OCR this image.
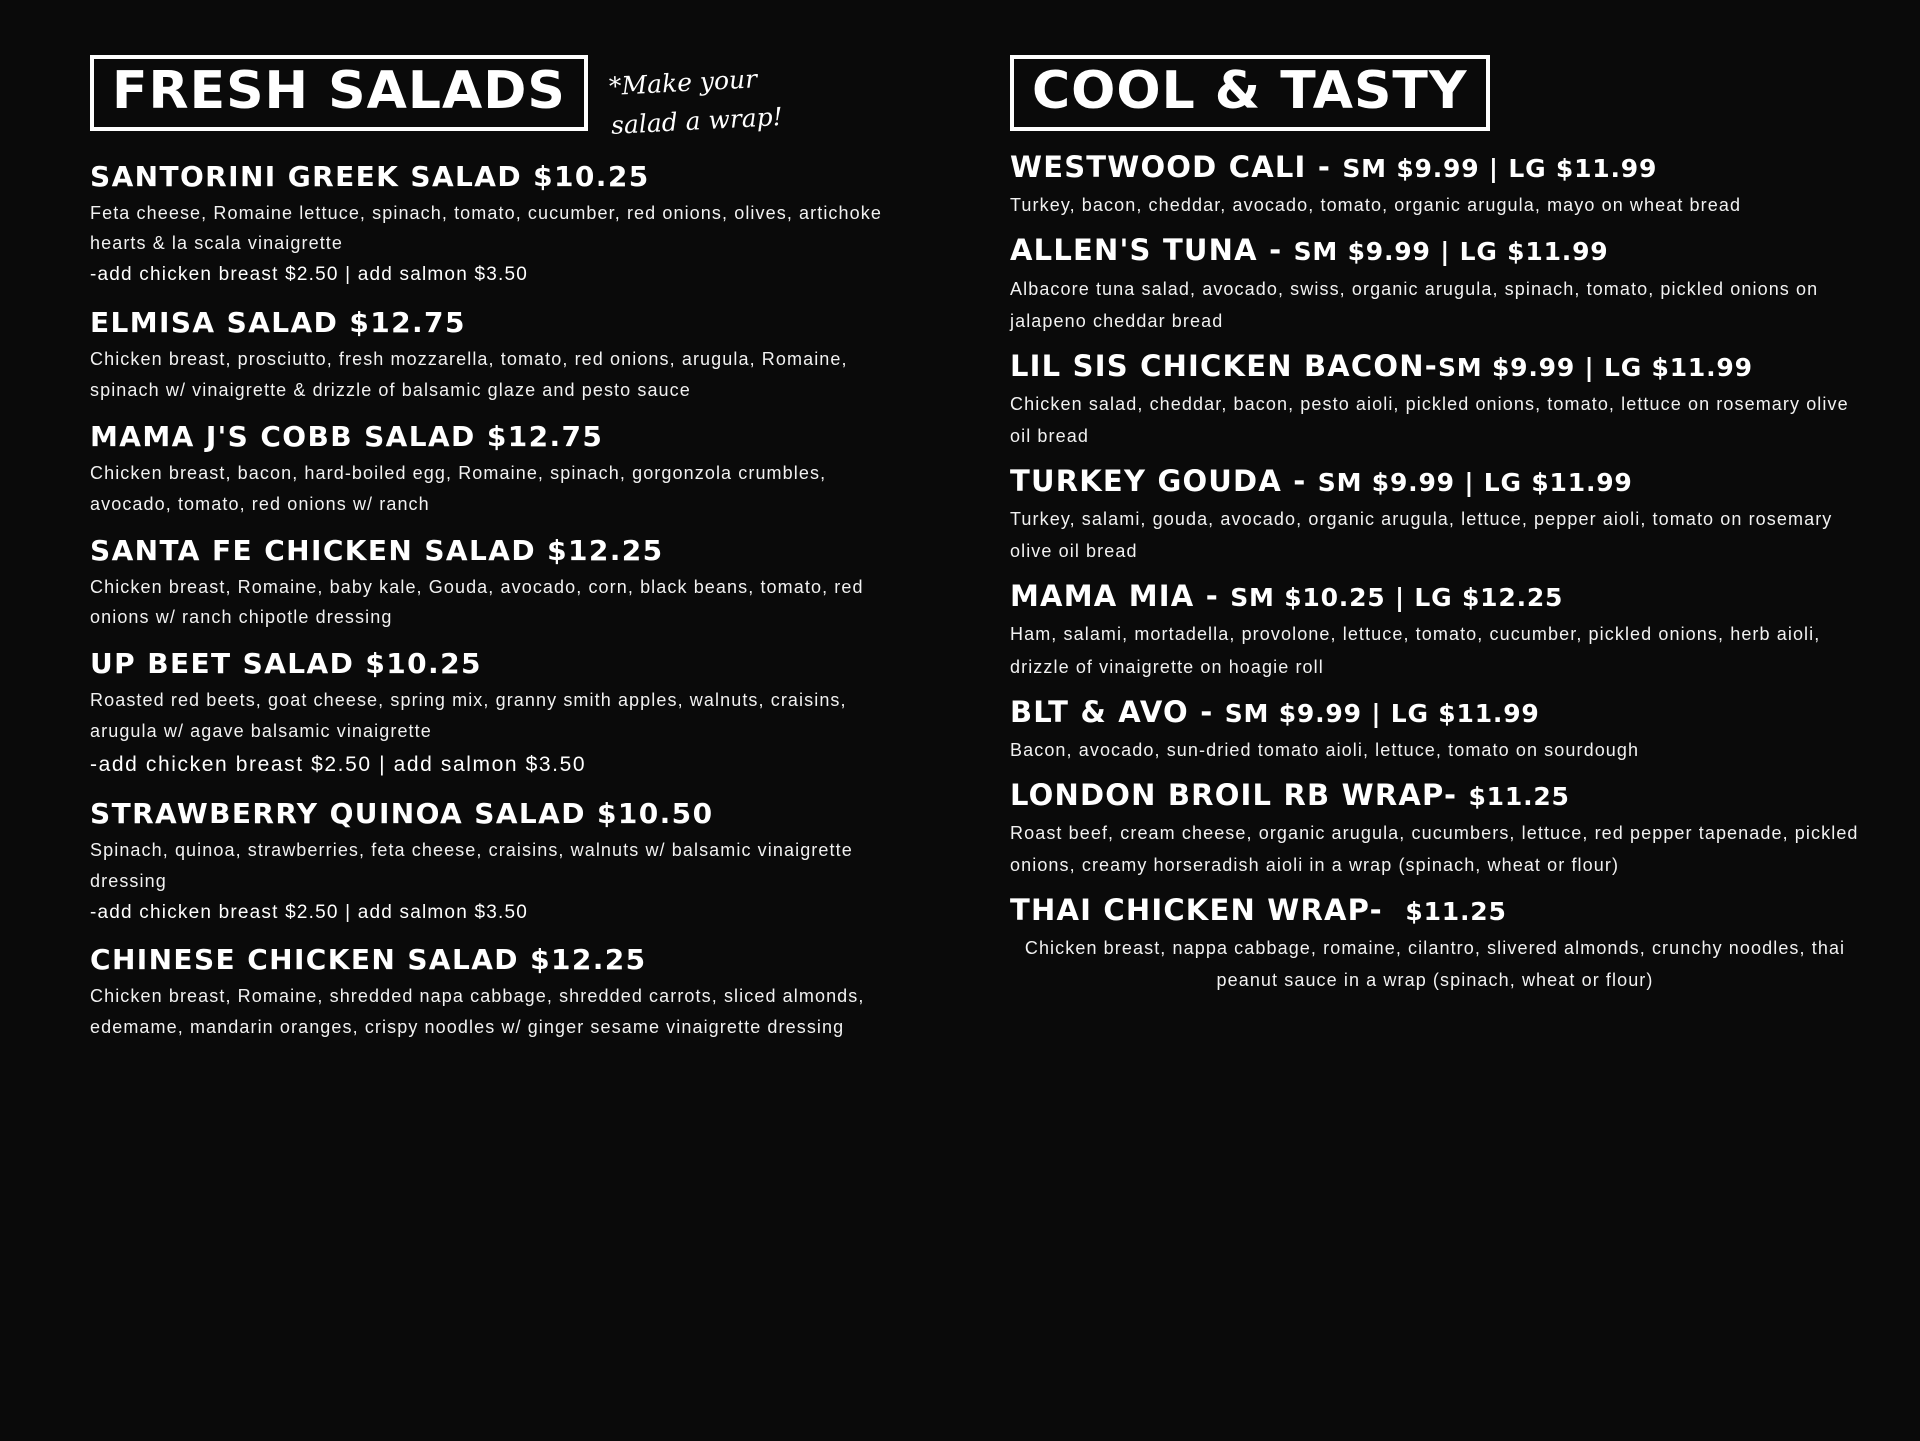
FRESH SALADS *Make your salad a wrap!
SANTORINI GREEK SALAD $10.25
Feta cheese, Romaine lettuce, spinach, tomato, cucumber, red onions, olives, artichoke hearts & la scala vinaigrette
-add chicken breast $2.50 | add salmon $3.50
ELMISA SALAD $12.75
Chicken breast, prosciutto, fresh mozzarella, tomato, red onions, arugula, Romaine, spinach w/ vinaigrette & drizzle of balsamic glaze and pesto sauce
MAMA J'S COBB SALAD $12.75
Chicken breast, bacon, hard-boiled egg, Romaine, spinach, gorgonzola crumbles, avocado, tomato, red onions w/ ranch
SANTA FE CHICKEN SALAD $12.25
Chicken breast, Romaine, baby kale, Gouda, avocado, corn, black beans, tomato, red onions w/ ranch chipotle dressing
UP BEET SALAD $10.25
Roasted red beets, goat cheese, spring mix, granny smith apples, walnuts, craisins, arugula w/ agave balsamic vinaigrette
-add chicken breast $2.50 | add salmon $3.50
STRAWBERRY QUINOA SALAD $10.50
Spinach, quinoa, strawberries, feta cheese, craisins, walnuts w/ balsamic vinaigrette dressing
-add chicken breast $2.50 | add salmon $3.50
CHINESE CHICKEN SALAD $12.25
Chicken breast, Romaine, shredded napa cabbage, shredded carrots, sliced almonds, edemame, mandarin oranges, crispy noodles w/ ginger sesame vinaigrette dressing
COOL & TASTY
WESTWOOD CALI - SM $9.99 | LG $11.99
Turkey, bacon, cheddar, avocado, tomato, organic arugula, mayo on wheat bread
ALLEN'S TUNA - SM $9.99 | LG $11.99
Albacore tuna salad, avocado, swiss, organic arugula, spinach, tomato, pickled onions on jalapeno cheddar bread
LIL SIS CHICKEN BACON-SM $9.99 | LG $11.99
Chicken salad, cheddar, bacon, pesto aioli, pickled onions, tomato, lettuce on rosemary olive oil bread
TURKEY GOUDA - SM $9.99 | LG $11.99
Turkey, salami, gouda, avocado, organic arugula, lettuce, pepper aioli, tomato on rosemary olive oil bread
MAMA MIA - SM $10.25 | LG $12.25
Ham, salami, mortadella, provolone, lettuce, tomato, cucumber, pickled onions, herb aioli, drizzle of vinaigrette on hoagie roll
BLT & AVO - SM $9.99 | LG $11.99
Bacon, avocado, sun-dried tomato aioli, lettuce, tomato on sourdough
LONDON BROIL RB WRAP- $11.25
Roast beef, cream cheese, organic arugula, cucumbers, lettuce, red pepper tapenade, pickled onions, creamy horseradish aioli in a wrap (spinach, wheat or flour)
THAI CHICKEN WRAP- $11.25
Chicken breast, nappa cabbage, romaine, cilantro, slivered almonds, crunchy noodles, thai peanut sauce in a wrap (spinach, wheat or flour)
